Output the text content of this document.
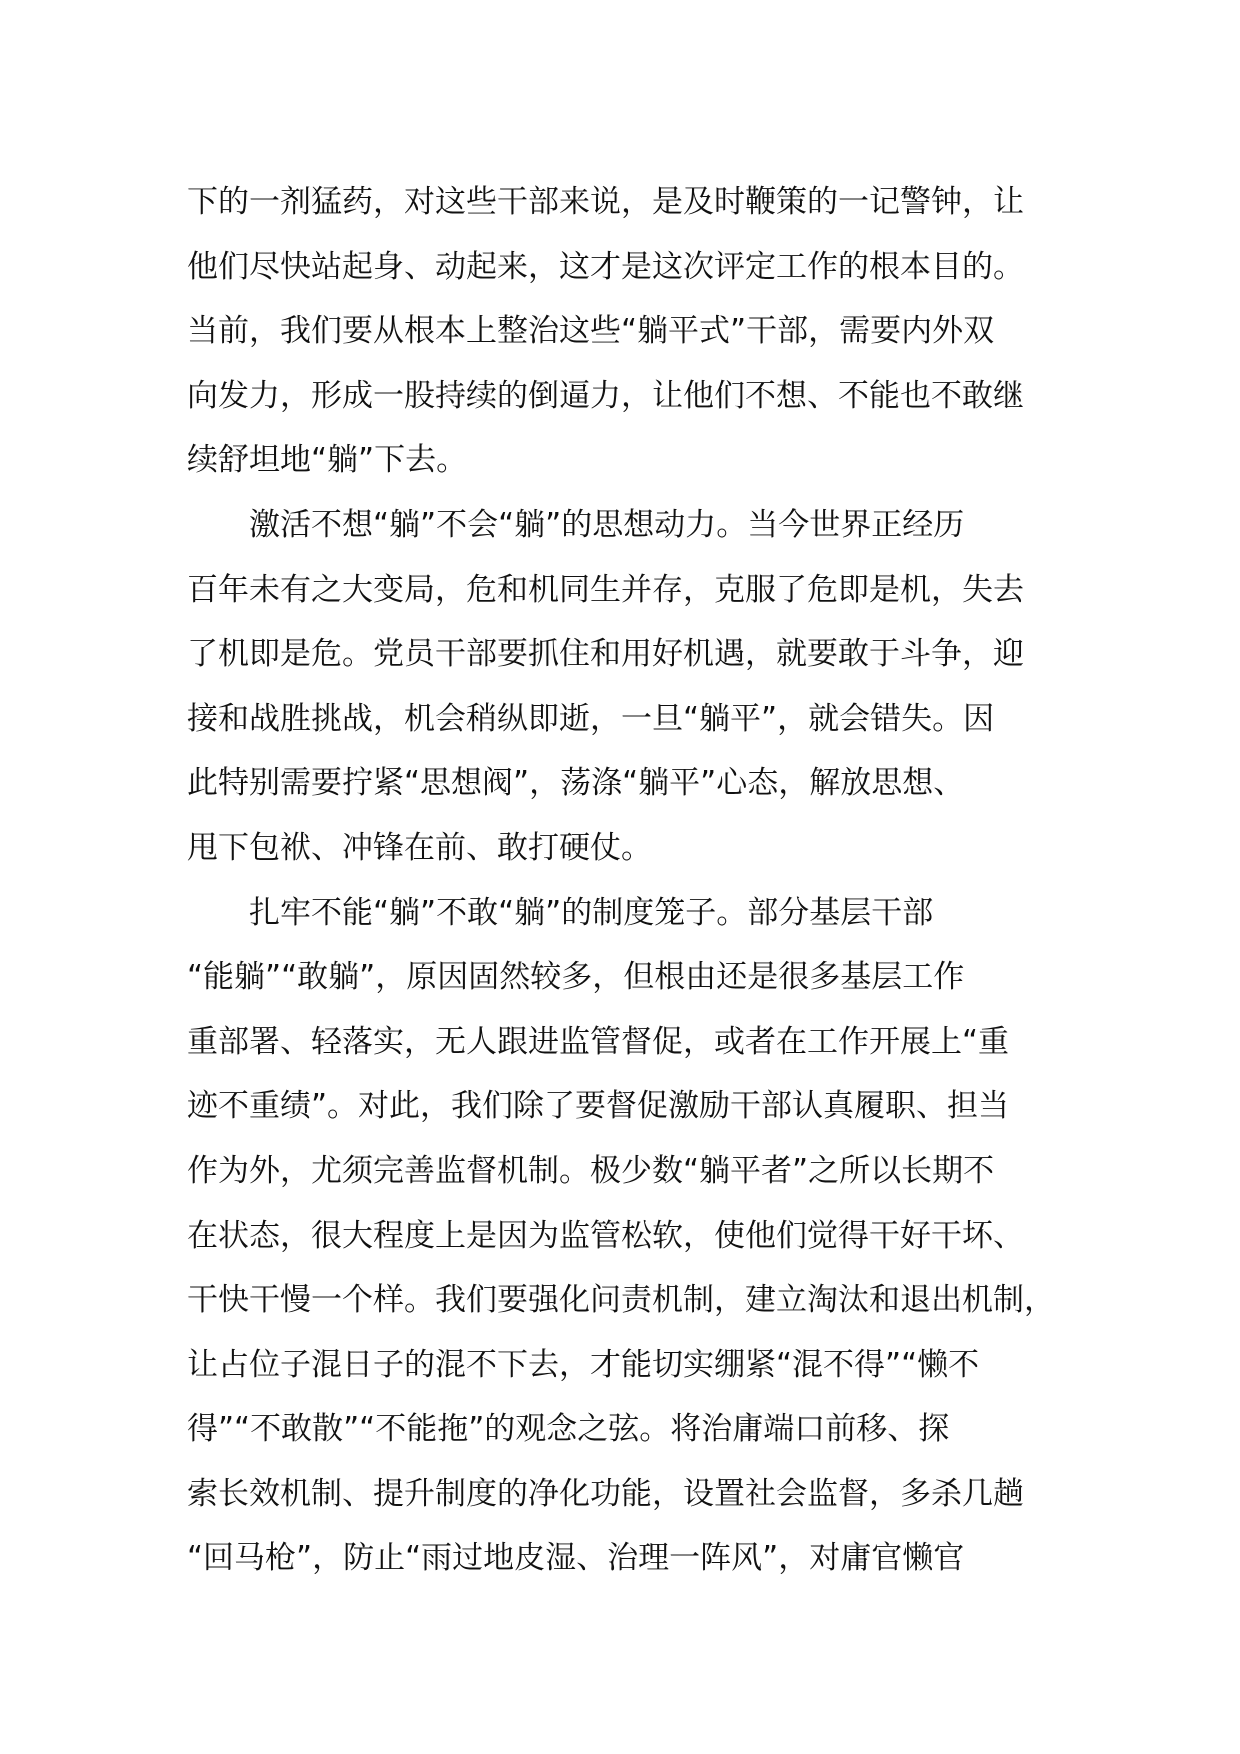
下的一剂猛药，对这些干部来说，是及时鞭策的一记警钟，让
他们尽快站起身、动起来，这才是这次评定工作的根本目的。
当前，我们要从根本上整治这些“躺平式”干部，需要内外双
向发力，形成一股持续的倒逼力，让他们不想、不能也不敢继
续舒坦地“躺”下去。
激活不想“躺”不会“躺”的思想动力。当今世界正经历
百年未有之大变局，危和机同生并存，克服了危即是机，失去
了机即是危。党员干部要抓住和用好机遇，就要敢于斗争，迎
接和战胜挑战，机会稍纵即逝，一旦“躺平”，就会错失。因
此特别需要拧紧“思想阀”，荡涤“躺平”心态，解放思想、
甩下包袱、冲锋在前、敢打硬仗。
扎牢不能“躺”不敢“躺”的制度笼子。部分基层干部
“能躺”“敢躺”，原因固然较多，但根由还是很多基层工作
重部署、轻落实，无人跟进监管督促，或者在工作开展上“重
迹不重绩”。对此，我们除了要督促激励干部认真履职、担当
作为外，尤须完善监督机制。极少数“躺平者”之所以长期不
在状态，很大程度上是因为监管松软，使他们觉得干好干坏、
干快干慢一个样。我们要强化问责机制，建立淘汰和退出机制，
让占位子混日子的混不下去，才能切实绷紧“混不得”“懒不
得”“不敢散”“不能拖”的观念之弦。将治庸端口前移、探
索长效机制、提升制度的净化功能，设置社会监督，多杀几趟
“回马枪”，防止“雨过地皮湿、治理一阵风”，对庸官懒官
